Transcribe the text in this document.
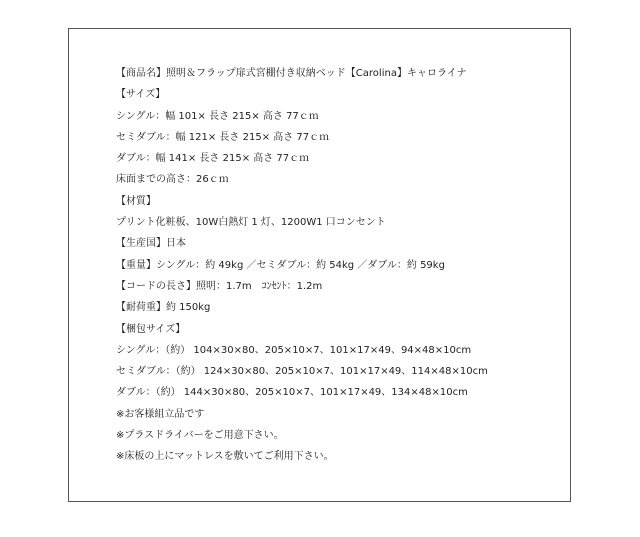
【商品名】照明＆フラップ扉式宮棚付き収納ベッド【Carolina】キャロライナ
【サイズ】
シングル：幅 101× 長さ 215× 高さ 77ｃｍ
セミダブル：幅 121× 長さ 215× 高さ 77ｃｍ
ダブル：幅 141× 長さ 215× 高さ 77ｃｍ
床面までの高さ：26ｃｍ
【材質】
プリント化粧板、10W白熱灯 1 灯、1200W1 口コンセント
【生産国】日本
【重量】シングル：約 49kg ／セミダブル：約 54kg ／ダブル：約 59kg
【コードの長さ】照明：1.7m　ｺﾝｾﾝﾄ：1.2m
【耐荷重】約 150kg
【梱包サイズ】
シングル：（約） 104×30×80、205×10×7、101×17×49、94×48×10cm
セミダブル：（約） 124×30×80、205×10×7、101×17×49、114×48×10cm
ダブル：（約） 144×30×80、205×10×7、101×17×49、134×48×10cm
※お客様組立品です
※プラスドライバーをご用意下さい。
※床板の上にマットレスを敷いてご利用下さい。
